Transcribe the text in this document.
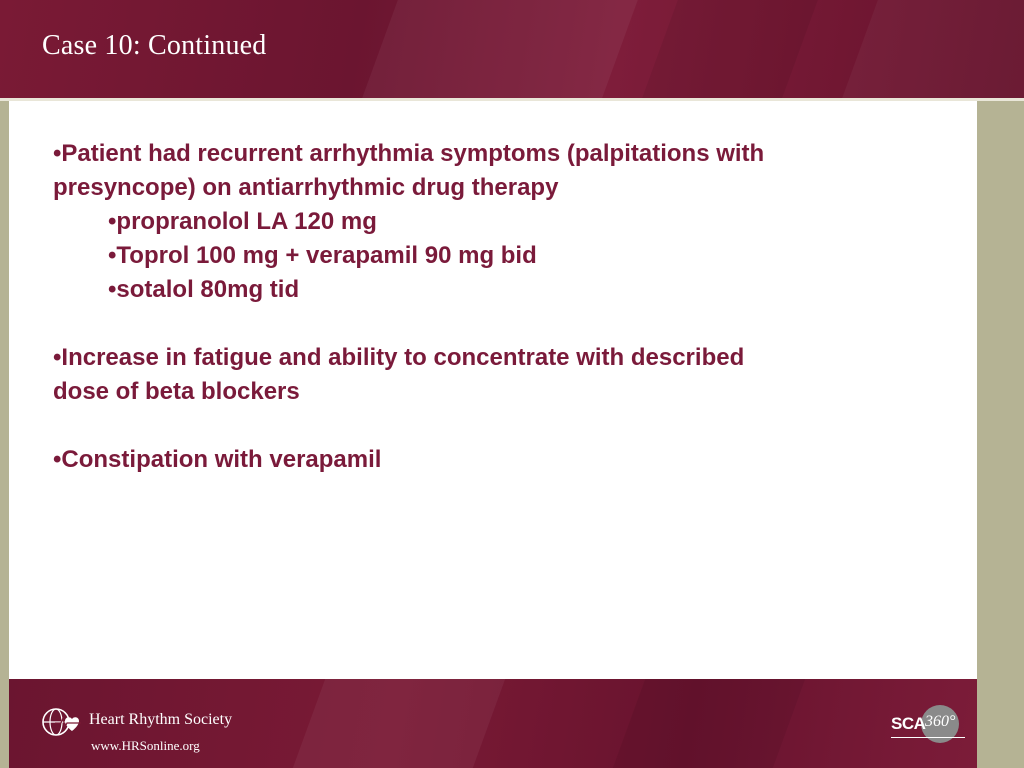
Case 10: Continued

•Patient had recurrent arrhythmia symptoms (palpitations with

presyncope) on antiarrhythmic drug therapy

•propranolol LA 120 mg

•Toprol 100 mg + verapamil 90 mg bid

•sotalol 80mg tid

•Increase in fatigue and ability to concentrate with described

dose of beta blockers

•Constipation with verapamil

Heart Rhythm Society
www.HRSonline.org
SCA 360°
